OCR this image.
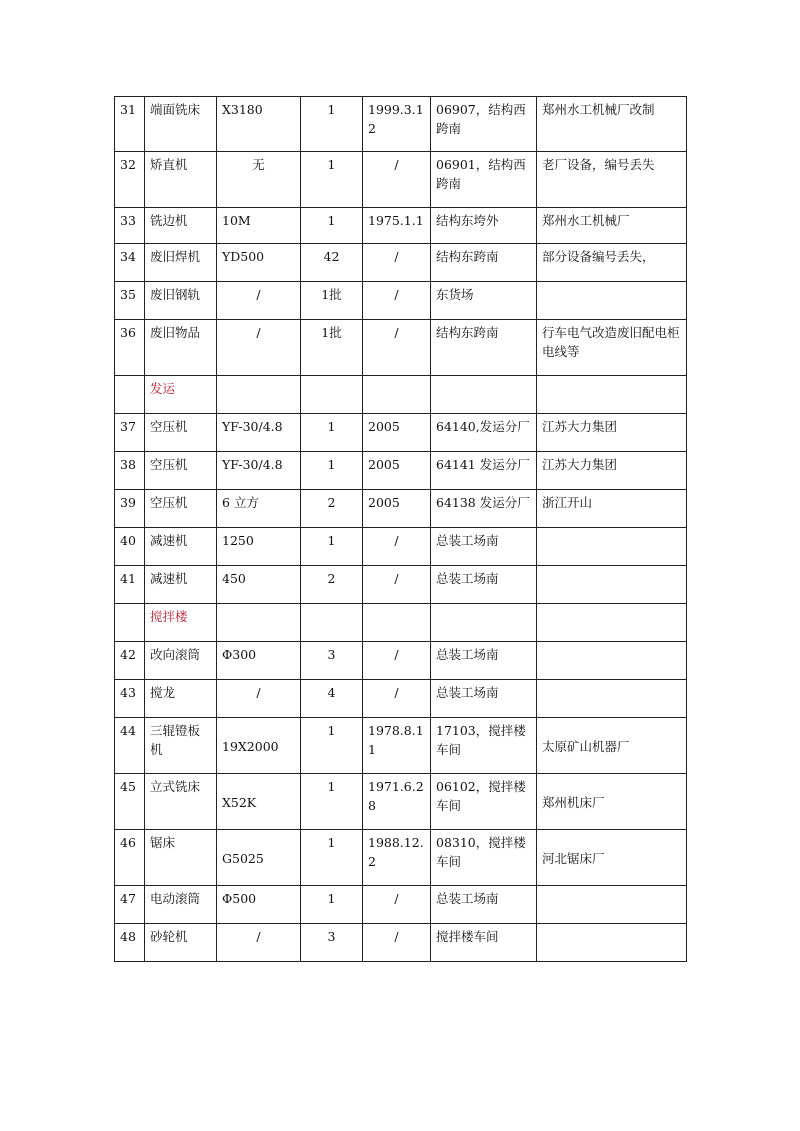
31	端面铣床	X3180	1	1999.3.12	06907，结构西跨南	郑州水工机械厂改制
32	矫直机	无	1	/	06901，结构西跨南	老厂设备，编号丢失
33	铣边机	10M	1	1975.1.1	结构东垮外	郑州水工机械厂
34	废旧焊机	YD500	42	/	结构东跨南	部分设备编号丢失，
35	废旧钢轨	/	1批	/	东货场	
36	废旧物品	/	1批	/	结构东跨南	行车电气改造废旧配电柜电线等
	发运					
37	空压机	YF-30/4.8	1	2005	64140,发运分厂	江苏大力集团
38	空压机	YF-30/4.8	1	2005	64141 发运分厂	江苏大力集团
39	空压机	6 立方	2	2005	64138 发运分厂	浙江开山
40	减速机	1250	1	/	总装工场南	
41	减速机	450	2	/	总装工场南	
	搅拌楼					
42	改向滚筒	Φ300	3	/	总装工场南	
43	搅龙	/	4	/	总装工场南	
44	三辊镫板机	19X2000	1	1978.8.11	17103，搅拌楼车间	太原矿山机器厂
45	立式铣床	X52K	1	1971.6.28	06102，搅拌楼车间	郑州机床厂
46	锯床	G5025	1	1988.12.2	08310，搅拌楼车间	河北锯床厂
47	电动滚筒	Φ500	1	/	总装工场南	
48	砂轮机	/	3	/	搅拌楼车间	
